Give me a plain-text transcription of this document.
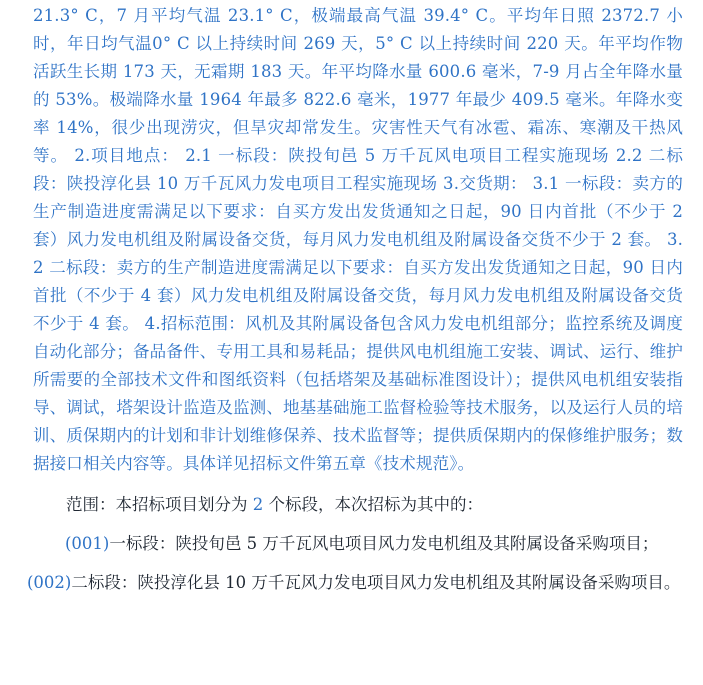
21.3° C，7 月平均气温 23.1° C，极端最高气温 39.4° C。平均年日照 2372.7 小时，年日均气温0° C 以上持续时间 269 天，5° C 以上持续时间 220 天。年平均作物活跃生长期 173 天，无霜期 183 天。年平均降水量 600.6 毫米，7-9 月占全年降水量的 53%。极端降水量 1964 年最多 822.6 毫米，1977 年最少 409.5 毫米。年降水变率 14%，很少出现涝灾，但旱灾却常发生。灾害性天气有冰雹、霜冻、寒潮及干热风等。 2.项目地点： 2.1 一标段：陕投旬邑 5 万千瓦风电项目工程实施现场 2.2 二标段：陕投淳化县 10 万千瓦风力发电项目工程实施现场 3.交货期： 3.1 一标段：卖方的生产制造进度需满足以下要求：自买方发出发货通知之日起，90 日内首批（不少于 2 套）风力发电机组及附属设备交货，每月风力发电机组及附属设备交货不少于 2 套。 3.2 二标段：卖方的生产制造进度需满足以下要求：自买方发出发货通知之日起，90 日内首批（不少于 4 套）风力发电机组及附属设备交货，每月风力发电机组及附属设备交货不少于 4 套。 4.招标范围：风机及其附属设备包含风力发电机组部分；监控系统及调度自动化部分；备品备件、专用工具和易耗品；提供风电机组施工安装、调试、运行、维护所需要的全部技术文件和图纸资料（包括塔架及基础标准图设计）；提供风电机组安装指导、调试，塔架设计监造及监测、地基基础施工监督检验等技术服务，以及运行人员的培训、质保期内的计划和非计划维修保养、技术监督等；提供质保期内的保修维护服务；数据接口相关内容等。具体详见招标文件第五章《技术规范》。

范围：本招标项目划分为 2 个标段，本次招标为其中的：
(001)一标段：陕投旬邑 5 万千瓦风电项目风力发电机组及其附属设备采购项目；
(002)二标段：陕投淳化县 10 万千瓦风力发电项目风力发电机组及其附属设备采购项目。
